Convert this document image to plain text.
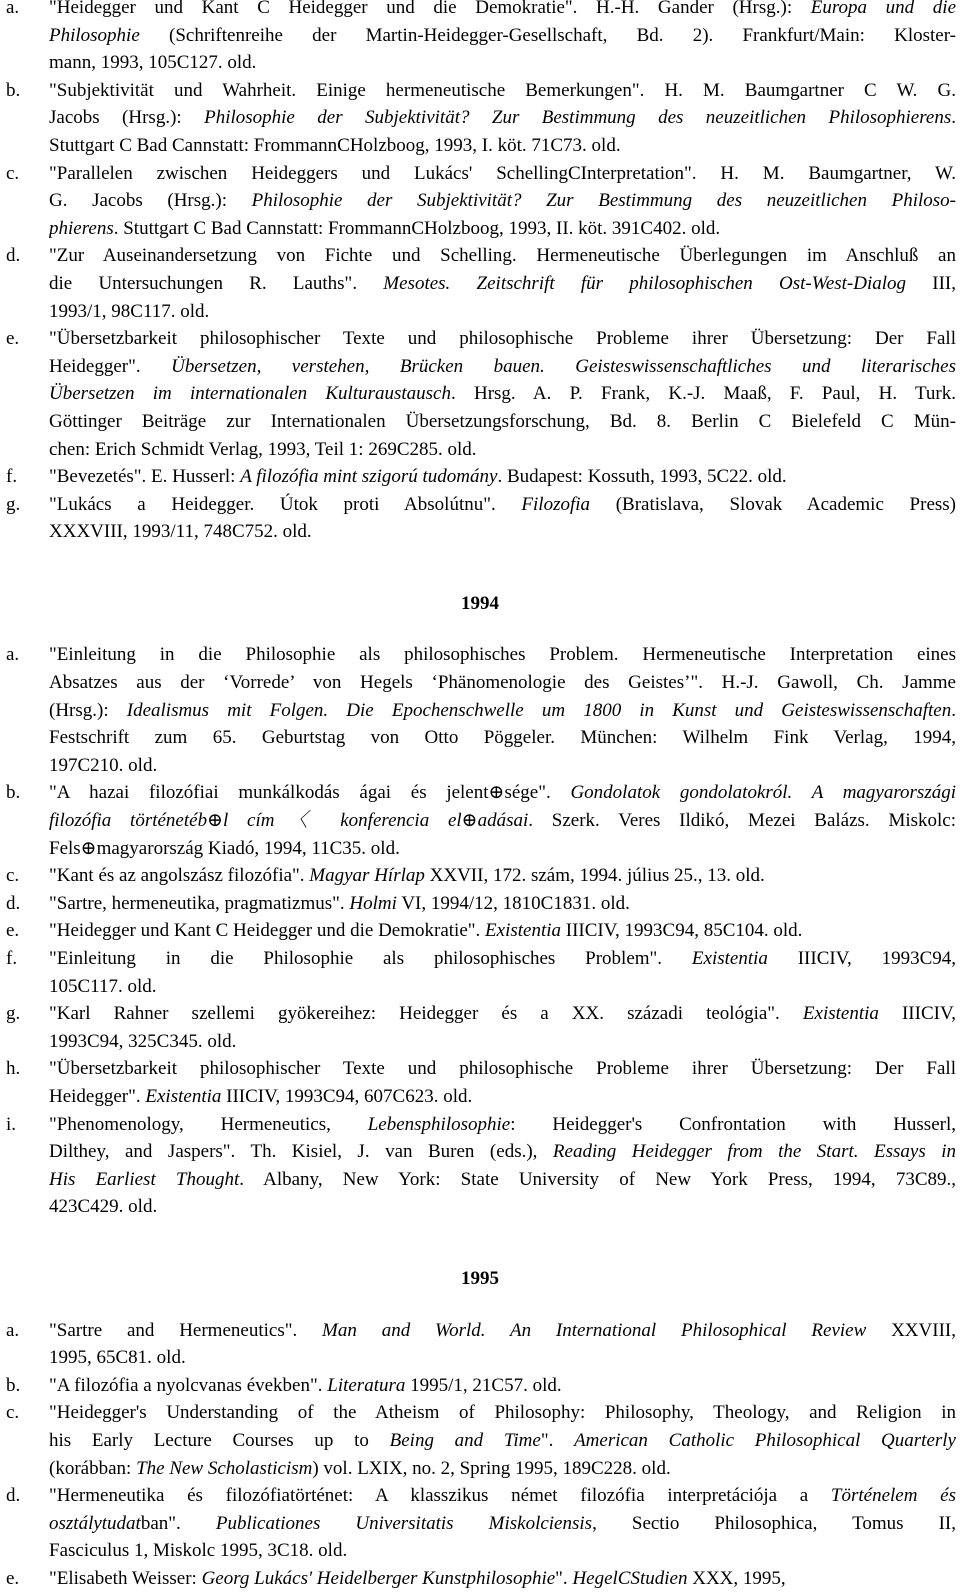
a. "Heidegger und Kant C Heidegger und die Demokratie". H.-H. Gander (Hrsg.): Europa und die
Philosophie (Schriftenreihe der Martin-Heidegger-Gesellschaft, Bd. 2). Frankfurt/Main: Kloster-
mann, 1993, 105C127. old.
b. "Subjektivität und Wahrheit. Einige hermeneutische Bemerkungen". H. M. Baumgartner C W. G.
Jacobs (Hrsg.): Philosophie der Subjektivität? Zur Bestimmung des neuzeitlichen Philosophierens.
Stuttgart C Bad Cannstatt: FrommannCHolzboog, 1993, I. köt. 71C73. old.
c. "Parallelen zwischen Heideggers und Lukács' SchellingCInterpretation". H. M. Baumgartner, W.
G. Jacobs (Hrsg.): Philosophie der Subjektivität? Zur Bestimmung des neuzeitlichen Philoso-
phierens. Stuttgart C Bad Cannstatt: FrommannCHolzboog, 1993, II. köt. 391C402. old.
d. "Zur Auseinandersetzung von Fichte und Schelling. Hermeneutische Überlegungen im Anschluß an
die Untersuchungen R. Lauths". Mesotes. Zeitschrift für philosophischen Ost-West-Dialog III,
1993/1, 98C117. old.
e. "Übersetzbarkeit philosophischer Texte und philosophische Probleme ihrer Übersetzung: Der Fall
Heidegger". Übersetzen, verstehen, Brücken bauen. Geisteswissenschaftliches und literarisches
Übersetzen im internationalen Kulturaustausch. Hrsg. A. P. Frank, K.-J. Maaß, F. Paul, H. Turk.
Göttinger Beiträge zur Internationalen Übersetzungsforschung, Bd. 8. Berlin C Bielefeld C Mün-
chen: Erich Schmidt Verlag, 1993, Teil 1: 269C285. old.
f. "Bevezetés". E. Husserl: A filozófia mint szigorú tudomány. Budapest: Kossuth, 1993, 5C22. old.
g. "Lukács a Heidegger. Útok proti Absolútnu". Filozofia (Bratislava, Slovak Academic Press)
XXXVIII, 1993/11, 748C752. old.
1994
a. "Einleitung in die Philosophie als philosophisches Problem. Hermeneutische Interpretation eines
Absatzes aus der ‘Vorrede’ von Hegels ‘Phänomenologie des Geistes’". H.-J. Gawoll, Ch. Jamme
(Hrsg.): Idealismus mit Folgen. Die Epochenschwelle um 1800 in Kunst und Geisteswissenschaften.
Festschrift zum 65. Geburtstag von Otto Pöggeler. München: Wilhelm Fink Verlag, 1994,
197C210. old.
b. "A hazai filozófiai munkálkodás ágai és jelent⊕sége". Gondolatok gondolatokról. A magyarországi
filozófia történetéb⊕l cím〈 konferencia el⊕adásai. Szerk. Veres Ildikó, Mezei Balázs. Miskolc:
Fels⊕magyarország Kiadó, 1994, 11C35. old.
c. "Kant és az angolszász filozófia". Magyar Hírlap XXVII, 172. szám, 1994. július 25., 13. old.
d. "Sartre, hermeneutika, pragmatizmus". Holmi VI, 1994/12, 1810C1831. old.
e. "Heidegger und Kant C Heidegger und die Demokratie". Existentia IIICIV, 1993C94, 85C104. old.
f. "Einleitung in die Philosophie als philosophisches Problem". Existentia IIICIV, 1993C94,
105C117. old.
g. "Karl Rahner szellemi gyökereihez: Heidegger és a XX. századi teológia". Existentia IIICIV,
1993C94, 325C345. old.
h. "Übersetzbarkeit philosophischer Texte und philosophische Probleme ihrer Übersetzung: Der Fall
Heidegger". Existentia IIICIV, 1993C94, 607C623. old.
i. "Phenomenology, Hermeneutics, Lebensphilosophie: Heidegger's Confrontation with Husserl,
Dilthey, and Jaspers". Th. Kisiel, J. van Buren (eds.), Reading Heidegger from the Start. Essays in
His Earliest Thought. Albany, New York: State University of New York Press, 1994, 73C89.,
423C429. old.
1995
a. "Sartre and Hermeneutics". Man and World. An International Philosophical Review XXVIII,
1995, 65C81. old.
b. "A filozófia a nyolcvanas években". Literatura 1995/1, 21C57. old.
c. "Heidegger's Understanding of the Atheism of Philosophy: Philosophy, Theology, and Religion in
his Early Lecture Courses up to Being and Time". American Catholic Philosophical Quarterly
(korábban: The New Scholasticism) vol. LXIX, no. 2, Spring 1995, 189C228. old.
d. "Hermeneutika és filozófiatörténet: A klasszikus német filozófia interpretációja a Történelem és
osztálytudatban". Publicationes Universitatis Miskolciensis, Sectio Philosophica, Tomus II,
Fasciculus 1, Miskolc 1995, 3C18. old.
e. "Elisabeth Weisser: Georg Lukács' Heidelberger Kunstphilosophie". HegelCStudien XXX, 1995,
